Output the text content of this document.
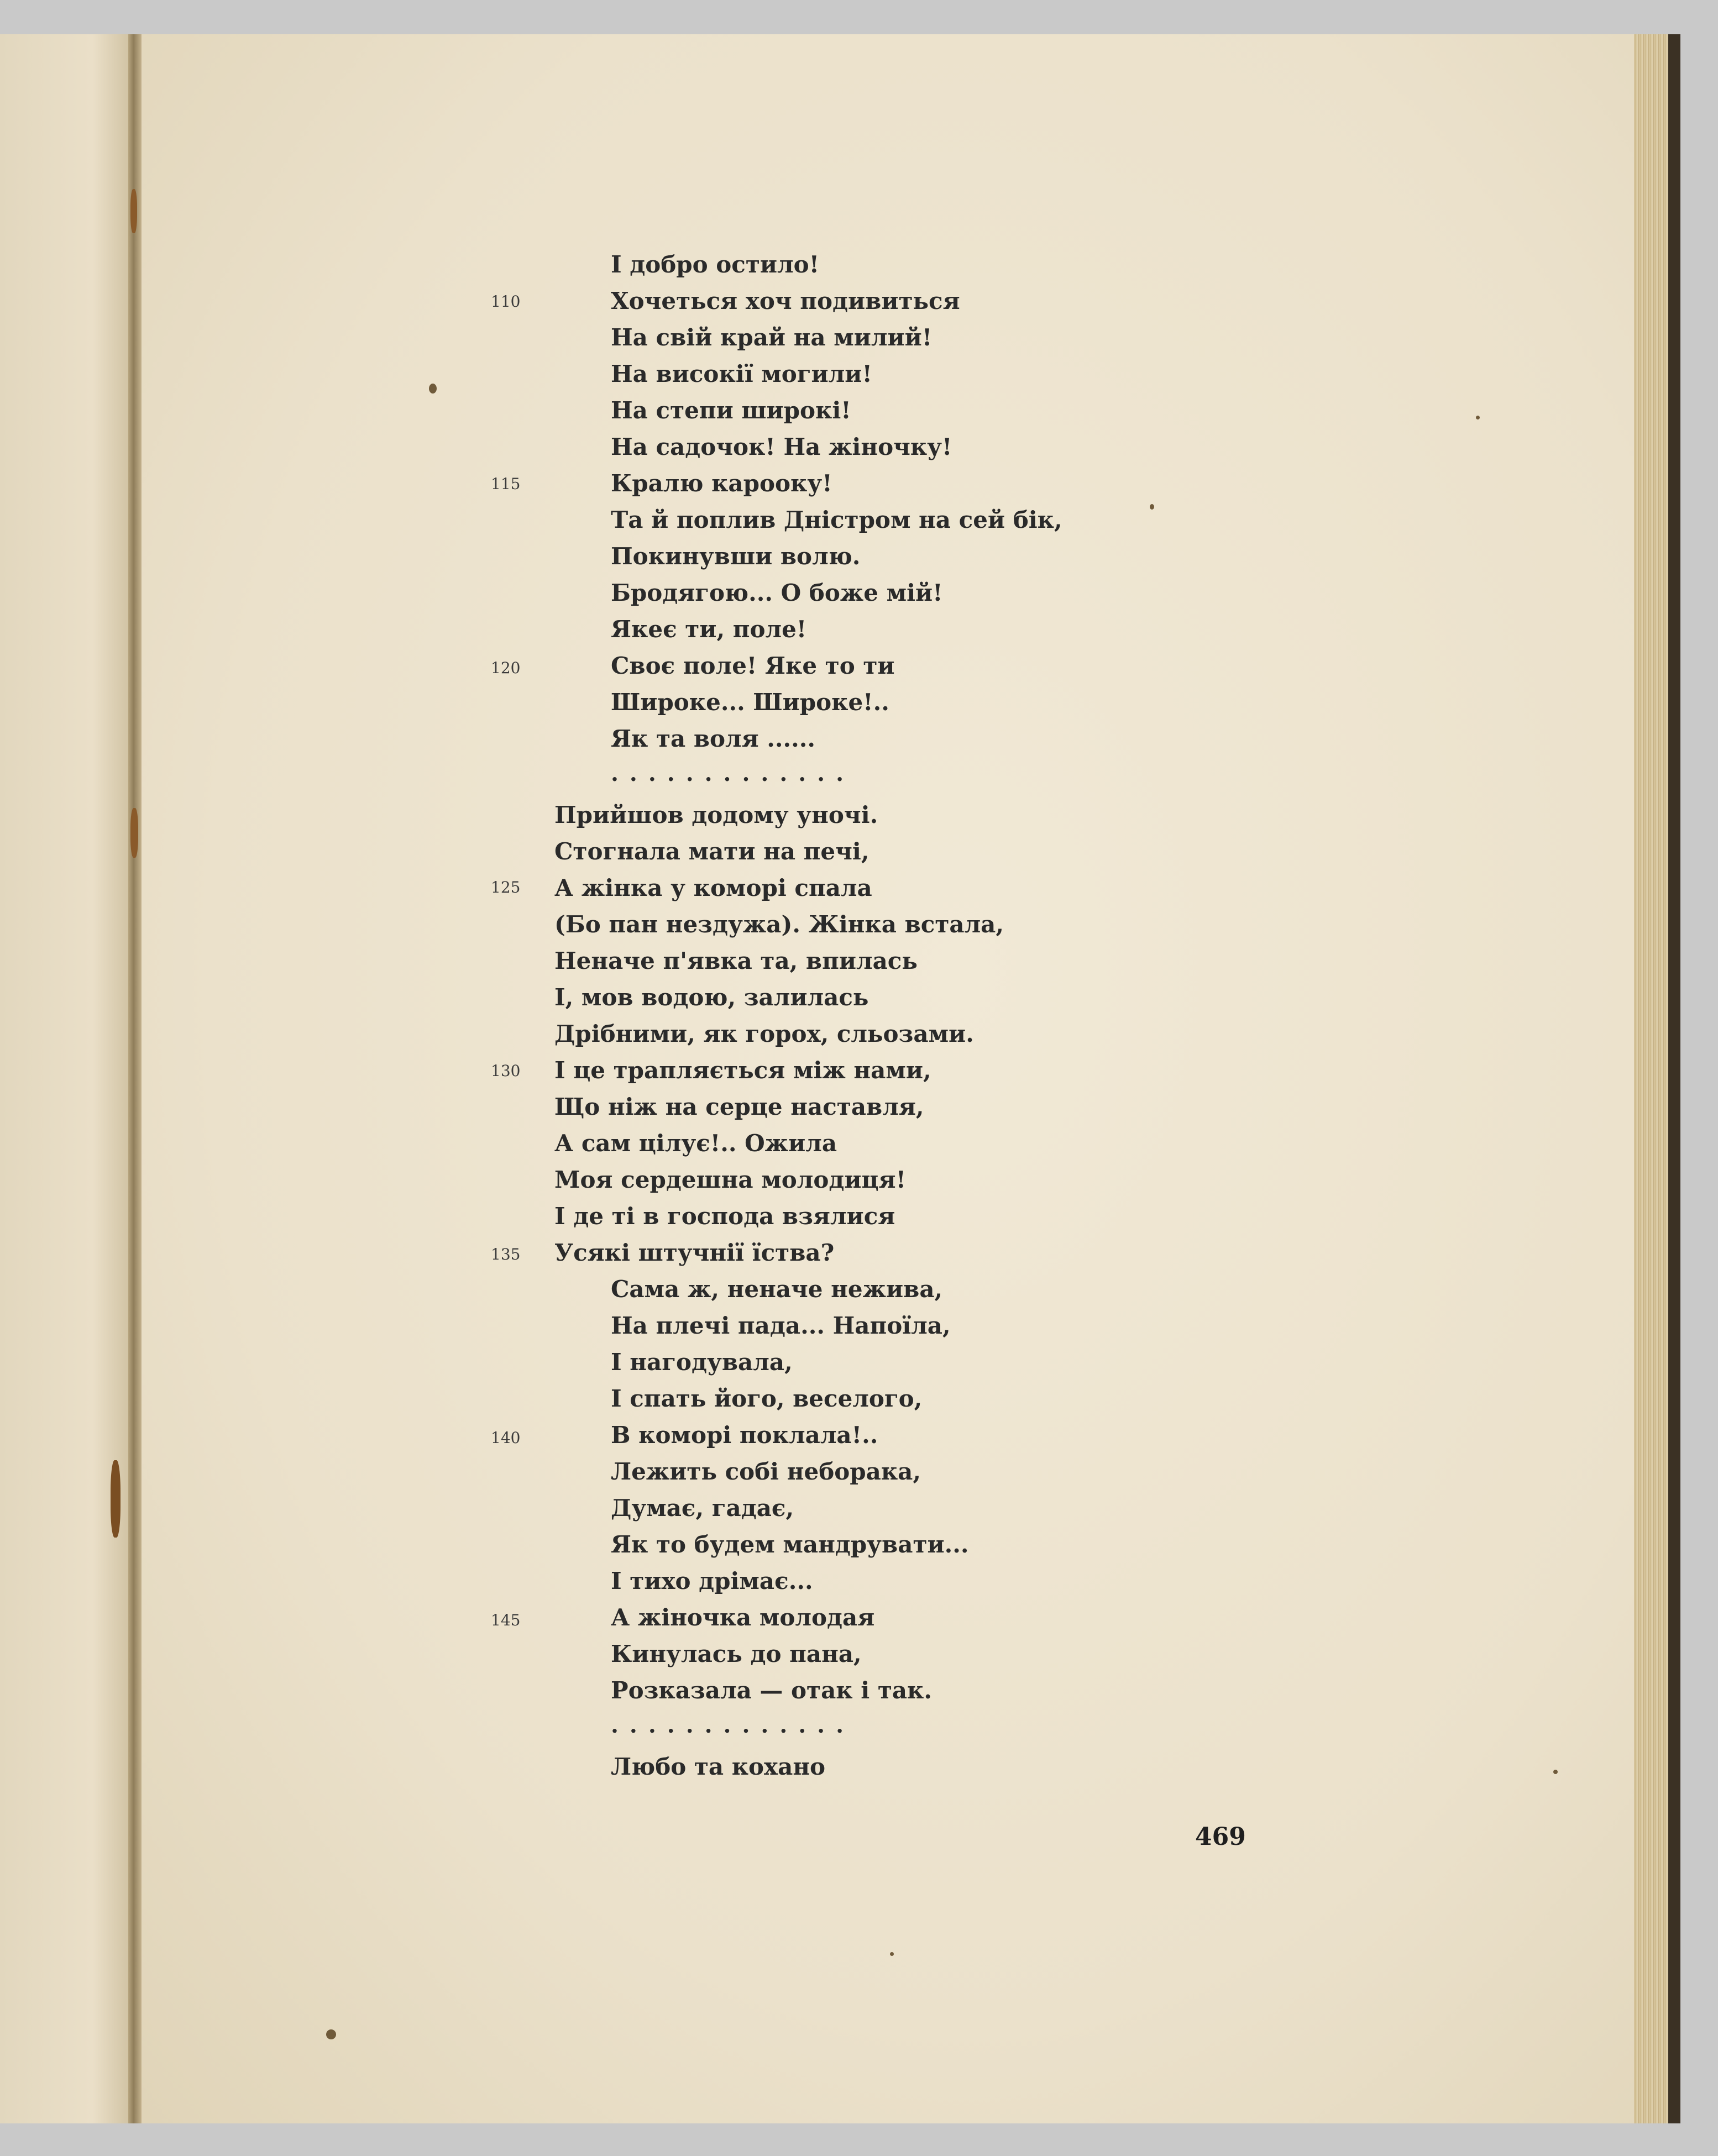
110
115
120
125
130
135
140
145
І добро остило!
Хочеться хоч подивиться
На свій край на милий!
На високії могили!
На степи широкі!
На садочок! На жіночку!
Кралю карооку!
Та й поплив Дністром на сей бік,
Покинувши волю.
Бродягою... О боже мій!
Якеє ти, поле!
Своє поле! Яке то ти
Широке... Широке!..
Як та воля ......
.............
Прийшов додому уночі.
Стогнала мати на печі,
А жінка у коморі спала
(Бо пан нездужа). Жінка встала,
Неначе п'явка та, впилась
І, мов водою, залилась
Дрібними, як горох, сльозами.
І це трапляється між нами,
Що ніж на серце наставля,
А сам цілує!.. Ожила
Моя сердешна молодиця!
І де ті в господа взялися
Усякі штучнії їства?
Сама ж, неначе нежива,
На плечі пада... Напоїла,
І нагодувала,
І спать його, веселого,
В коморі поклала!..
Лежить собі неборака,
Думає, гадає,
Як то будем мандрувати...
І тихо дрімає...
А жіночка молодая
Кинулась до пана,
Розказала — отак і так.
.............
Любо та кохано
469
